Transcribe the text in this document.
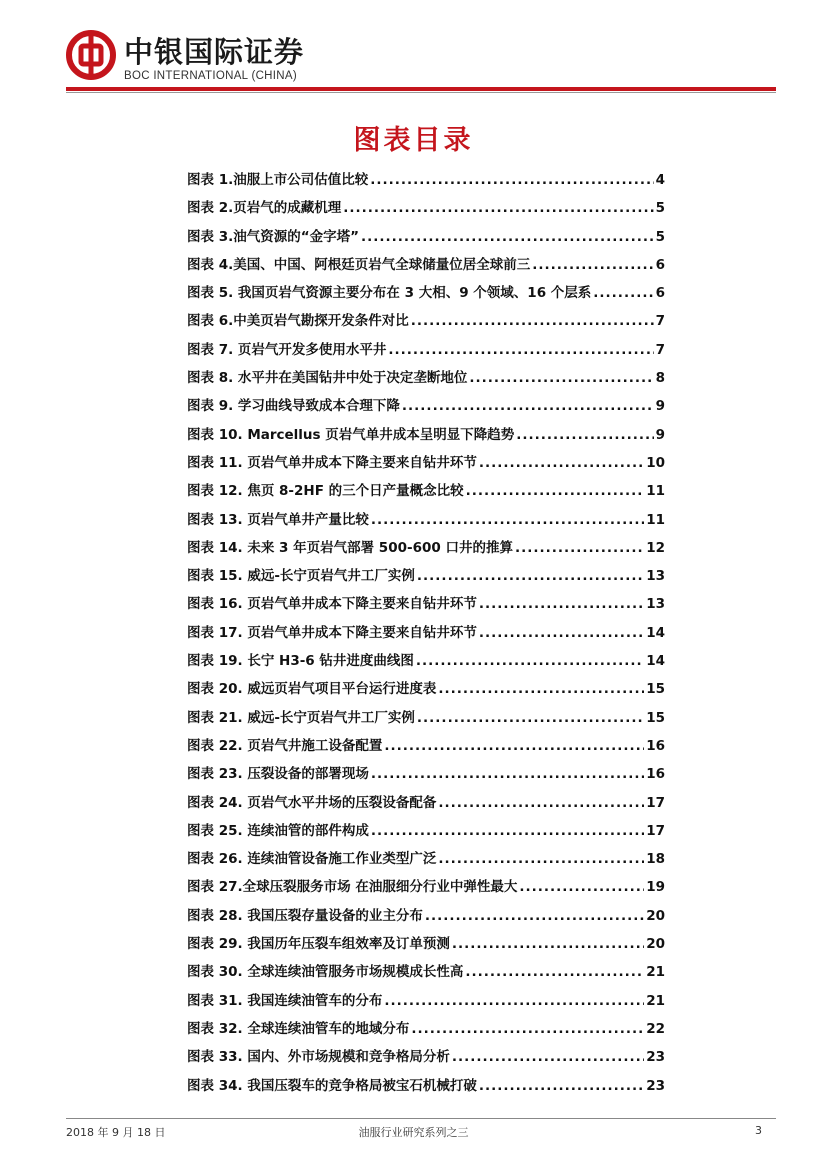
中银国际证券
BOC INTERNATIONAL (CHINA)
图表目录
图表 1.油服上市公司估值比较 .....	4
图表 2.页岩气的成藏机理 .....	5
图表 3.油气资源的“金字塔” .....	5
图表 4.美国、中国、阿根廷页岩气全球储量位居全球前三 .....	6
图表 5. 我国页岩气资源主要分布在 3 大相、9 个领域、16 个层系 .....	6
图表 6.中美页岩气勘探开发条件对比 .....	7
图表 7. 页岩气开发多使用水平井 .....	7
图表 8. 水平井在美国钻井中处于决定垄断地位 .....	8
图表 9. 学习曲线导致成本合理下降 .....	9
图表 10. Marcellus 页岩气单井成本呈明显下降趋势 .....	9
图表 11. 页岩气单井成本下降主要来自钻井环节 .....	10
图表 12. 焦页 8-2HF 的三个日产量概念比较 .....	11
图表 13. 页岩气单井产量比较 .....	11
图表 14. 未来 3 年页岩气部署 500-600 口井的推算 .....	12
图表 15. 威远-长宁页岩气井工厂实例 .....	13
图表 16. 页岩气单井成本下降主要来自钻井环节 .....	13
图表 17. 页岩气单井成本下降主要来自钻井环节 .....	14
图表 19. 长宁 H3-6 钻井进度曲线图 .....	14
图表 20. 威远页岩气项目平台运行进度表 .....	15
图表 21. 威远-长宁页岩气井工厂实例 .....	15
图表 22. 页岩气井施工设备配置 .....	16
图表 23. 压裂设备的部署现场 .....	16
图表 24. 页岩气水平井场的压裂设备配备 .....	17
图表 25. 连续油管的部件构成 .....	17
图表 26. 连续油管设备施工作业类型广泛 .....	18
图表 27.全球压裂服务市场 在油服细分行业中弹性最大 .....	19
图表 28. 我国压裂存量设备的业主分布 .....	20
图表 29. 我国历年压裂车组效率及订单预测 .....	20
图表 30. 全球连续油管服务市场规模成长性高 .....	21
图表 31. 我国连续油管车的分布 .....	21
图表 32. 全球连续油管车的地域分布 .....	22
图表 33. 国内、外市场规模和竞争格局分析 .....	23
图表 34. 我国压裂车的竞争格局被宝石机械打破 .....	23
2018 年 9 月 18 日	油服行业研究系列之三	3
